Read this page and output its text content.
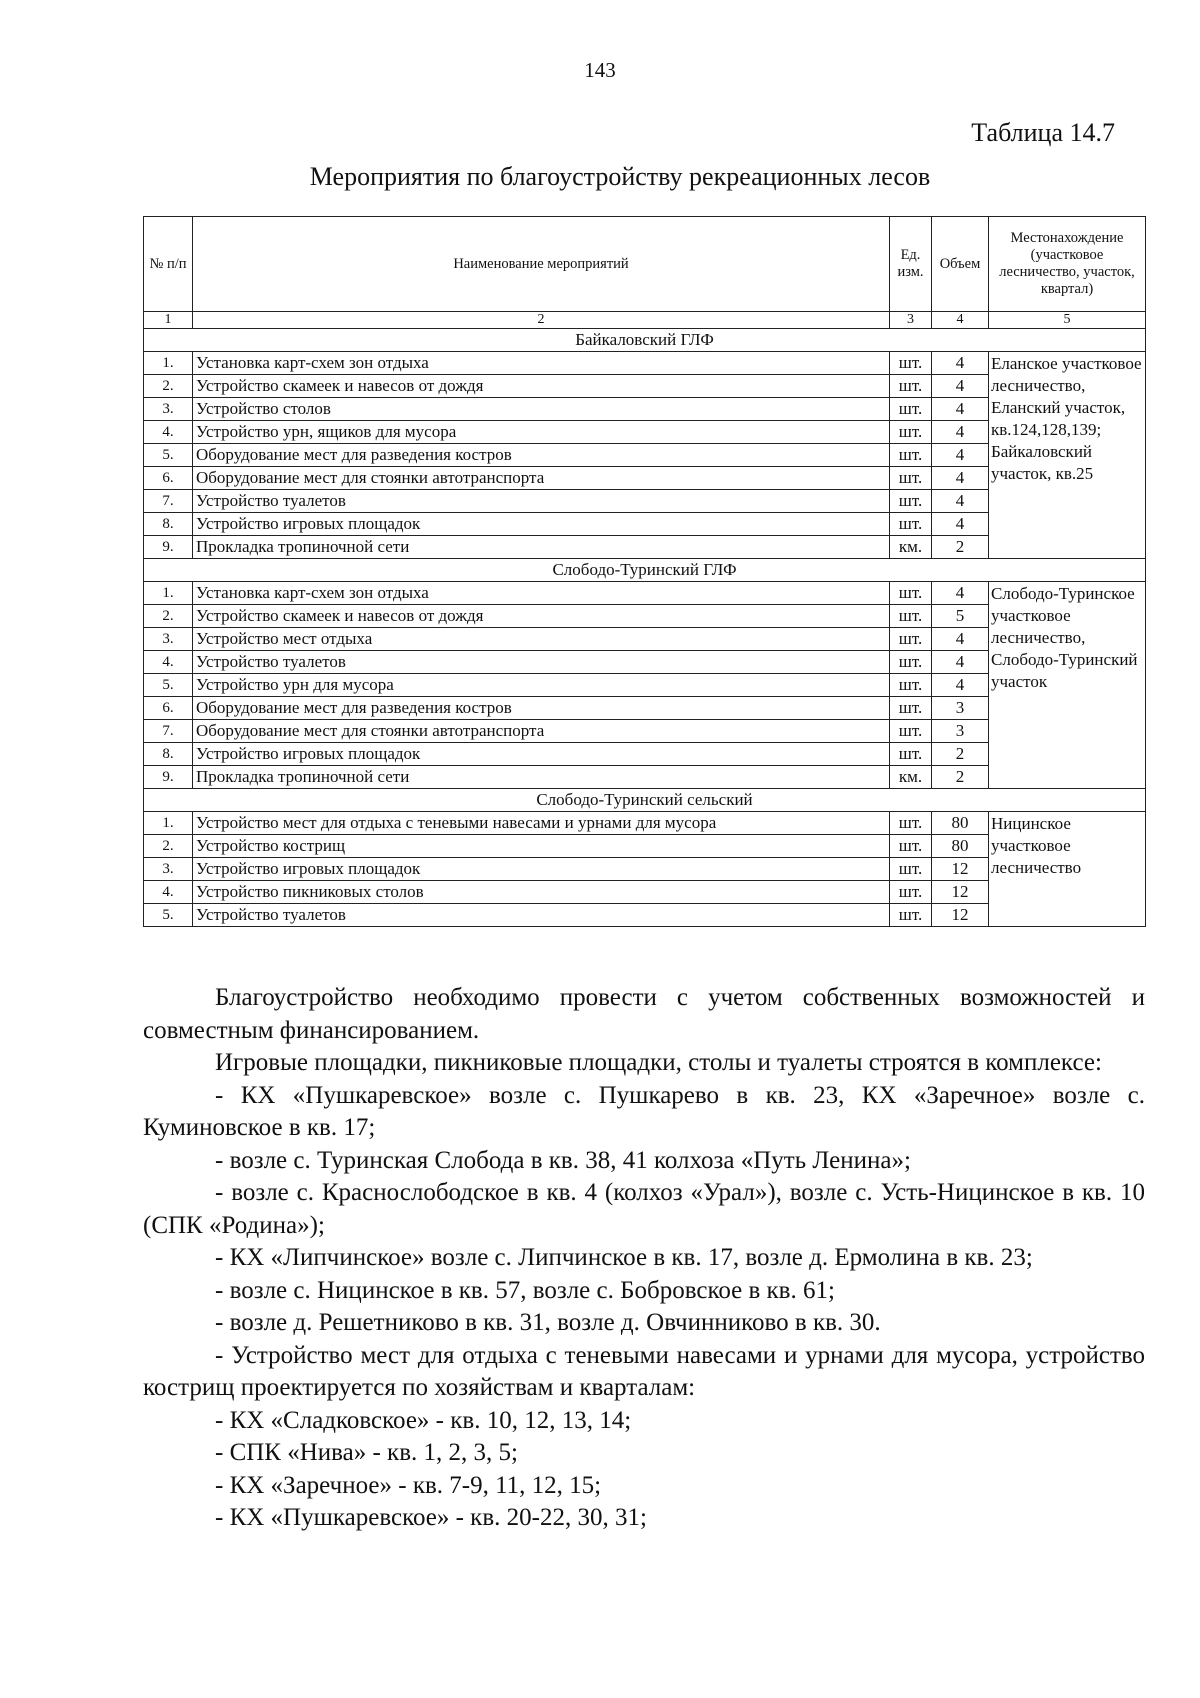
143
Таблица 14.7
Мероприятия по благоустройству рекреационных лесов
№ п/п	Наименование мероприятий	Ед. изм.	Объем	Местонахождение (участковое лесничество, участок, квартал)
1	2	3	4	5
Байкаловский ГЛФ				
1.	Установка карт-схем зон отдыха	шт.	4	Еланское участковое лесничество, Еланский участок, кв.124,128,139; Байкаловский участок, кв.25
2.	Устройство скамеек и навесов от дождя	шт.	4	
3.	Устройство столов	шт.	4	
4.	Устройство урн, ящиков для мусора	шт.	4	
5.	Оборудование мест для разведения костров	шт.	4	
6.	Оборудование мест для стоянки автотранспорта	шт.	4	
7.	Устройство туалетов	шт.	4	
8.	Устройство игровых площадок	шт.	4	
9.	Прокладка тропиночной сети	км.	2	
Слободо-Туринский ГЛФ				
1.	Установка карт-схем зон отдыха	шт.	4	Слободо-Туринское участковое лесничество, Слободо-Туринский участок
2.	Устройство скамеек и навесов от дождя	шт.	5	
3.	Устройство мест отдыха	шт.	4	
4.	Устройство туалетов	шт.	4	
5.	Устройство урн для мусора	шт.	4	
6.	Оборудование мест для разведения костров	шт.	3	
7.	Оборудование мест для стоянки автотранспорта	шт.	3	
8.	Устройство игровых площадок	шт.	2	
9.	Прокладка тропиночной сети	км.	2	
Слободо-Туринский сельский				
1.	Устройство мест для отдыха с теневыми навесами и урнами для мусора	шт.	80	Ницинское участковое лесничество
2.	Устройство кострищ	шт.	80	
3.	Устройство игровых площадок	шт.	12	
4.	Устройство пикниковых столов	шт.	12	
5.	Устройство туалетов	шт.	12	

Благоустройство необходимо провести с учетом собственных возможностей и совместным финансированием.

Игровые площадки, пикниковые площадки, столы и туалеты строятся в комплексе:

- КХ «Пушкаревское» возле с. Пушкарево в кв. 23, КХ «Заречное» возле с. Куминовское в кв. 17;

- возле с. Туринская Слобода в кв. 38, 41 колхоза «Путь Ленина»;

- возле с. Краснослободское в кв. 4 (колхоз «Урал»), возле с. Усть-Ницинское в кв. 10 (СПК «Родина»);

- КХ «Липчинское» возле с. Липчинское в кв. 17, возле д. Ермолина в кв. 23;

- возле с. Ницинское в кв. 57, возле с. Бобровское в кв. 61;

- возле д. Решетниково в кв. 31, возле д. Овчинниково в кв. 30.

- Устройство мест для отдыха с теневыми навесами и урнами для мусора, устройство кострищ проектируется по хозяйствам и кварталам:

- КХ «Сладковское» - кв. 10, 12, 13, 14;

- СПК «Нива» - кв. 1, 2, 3, 5;

- КХ «Заречное» - кв. 7-9, 11, 12, 15;

- КХ «Пушкаревское» - кв. 20-22, 30, 31;
